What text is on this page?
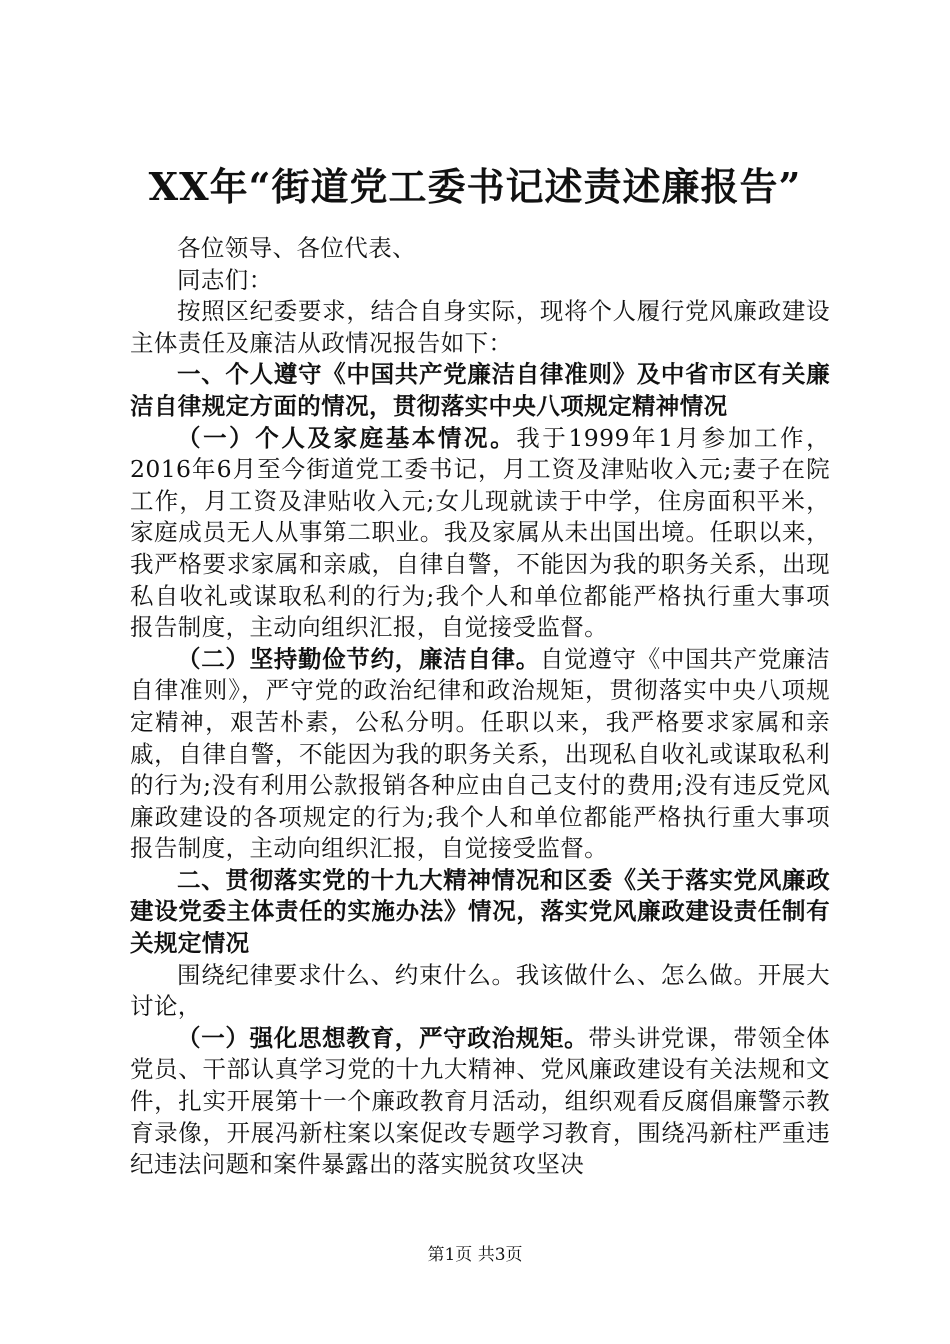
XX年“街道党工委书记述责述廉报告”

各位领导、各位代表、

同志们：

按照区纪委要求，结合自身实际，现将个人履行党风廉政建设主体责任及廉洁从政情况报告如下：

一、个人遵守《中国共产党廉洁自律准则》及中省市区有关廉洁自律规定方面的情况，贯彻落实中央八项规定精神情况

（一）个人及家庭基本情况。我于1999年1月参加工作，2016年6月至今街道党工委书记，月工资及津贴收入元;妻子在院工作，月工资及津贴收入元;女儿现就读于中学，住房面积平米，家庭成员无人从事第二职业。我及家属从未出国出境。任职以来，我严格要求家属和亲戚，自律自警，不能因为我的职务关系，出现私自收礼或谋取私利的行为;我个人和单位都能严格执行重大事项报告制度，主动向组织汇报，自觉接受监督。

（二）坚持勤俭节约，廉洁自律。自觉遵守《中国共产党廉洁自律准则》，严守党的政治纪律和政治规矩，贯彻落实中央八项规定精神，艰苦朴素，公私分明。任职以来，我严格要求家属和亲戚，自律自警，不能因为我的职务关系，出现私自收礼或谋取私利的行为;没有利用公款报销各种应由自己支付的费用;没有违反党风廉政建设的各项规定的行为;我个人和单位都能严格执行重大事项报告制度，主动向组织汇报，自觉接受监督。

二、贯彻落实党的十九大精神情况和区委《关于落实党风廉政建设党委主体责任的实施办法》情况，落实党风廉政建设责任制有关规定情况

围绕纪律要求什么、约束什么。我该做什么、怎么做。开展大讨论，

（一）强化思想教育，严守政治规矩。带头讲党课，带领全体党员、干部认真学习党的十九大精神、党风廉政建设有关法规和文件，扎实开展第十一个廉政教育月活动，组织观看反腐倡廉警示教育录像，开展冯新柱案以案促改专题学习教育，围绕冯新柱严重违纪违法问题和案件暴露出的落实脱贫攻坚决

第1页 共3页
